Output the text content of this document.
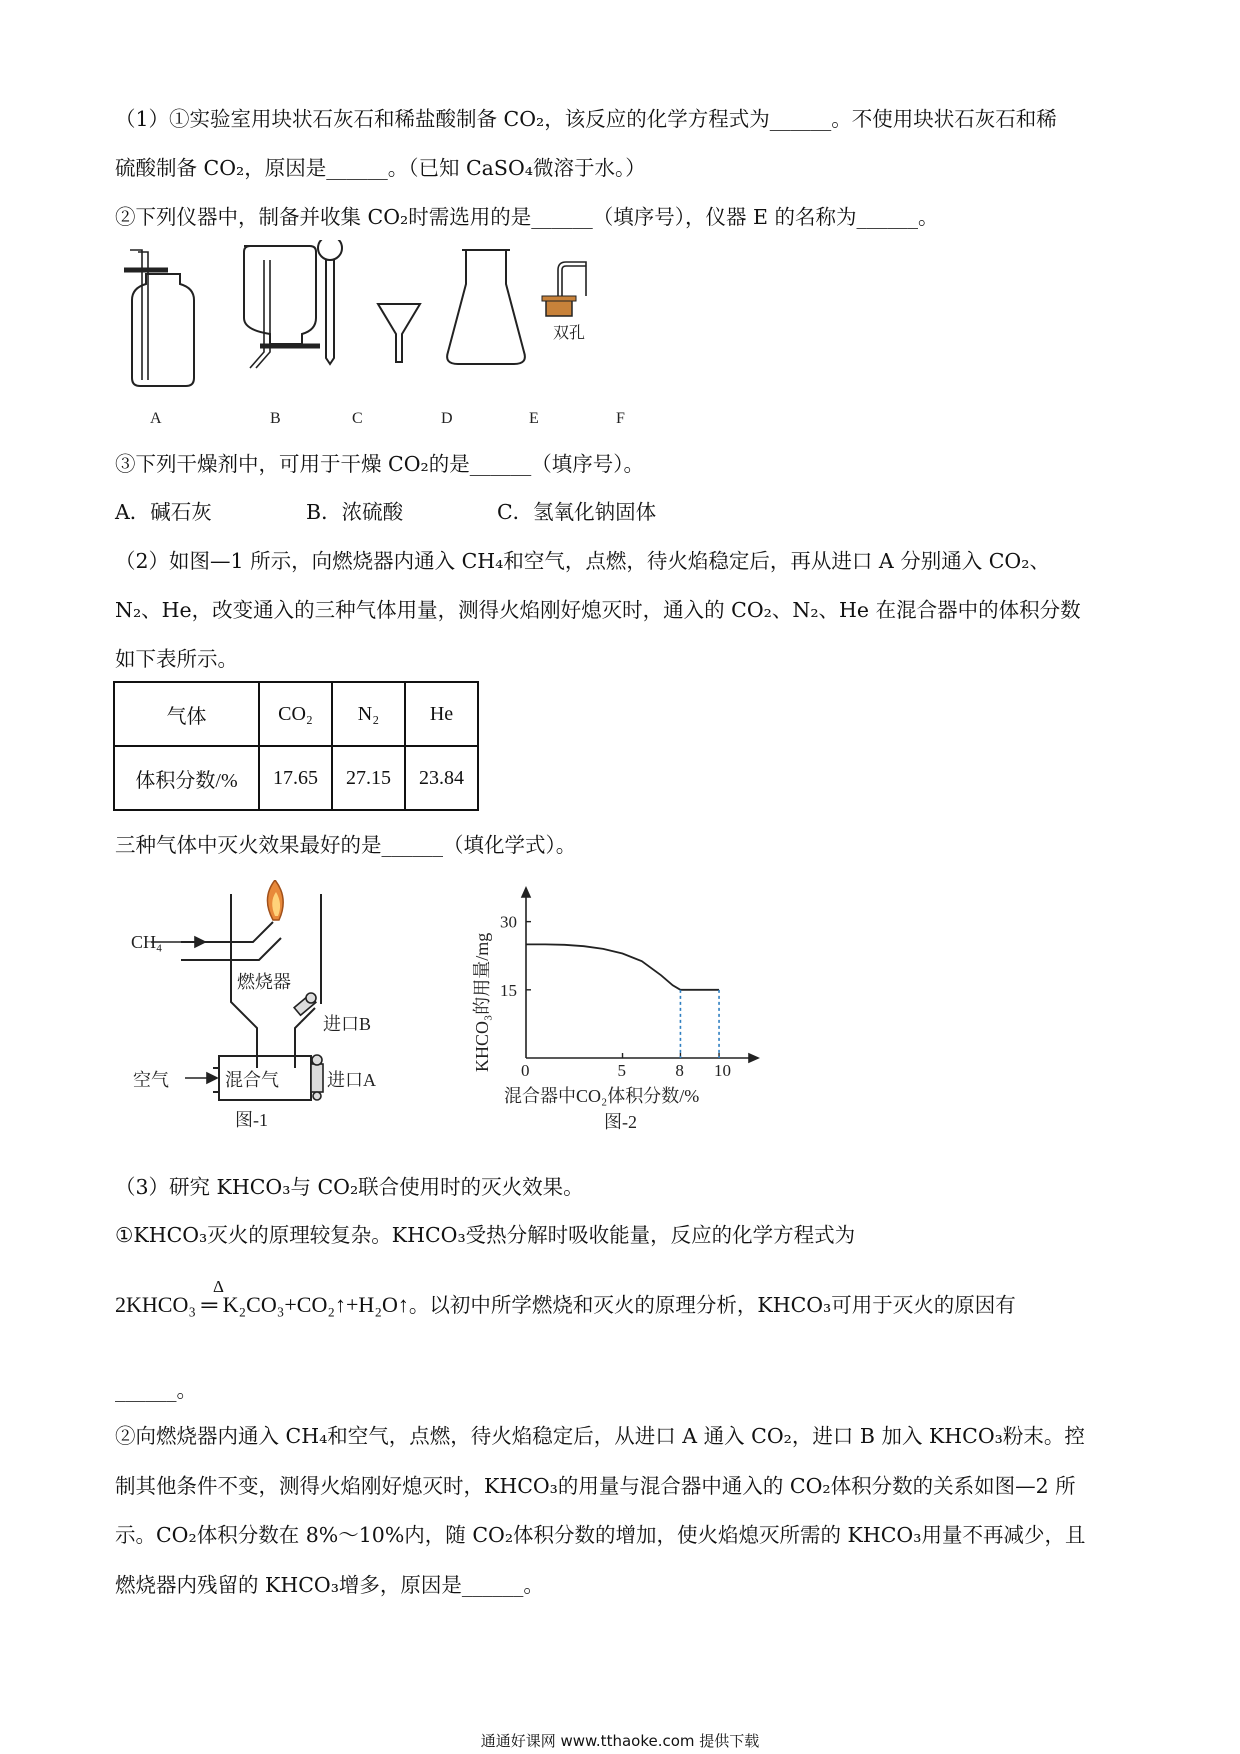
（1）①实验室用块状石灰石和稀盐酸制备 CO₂，该反应的化学方程式为______。不使用块状石灰石和稀
硫酸制备 CO₂，原因是______。（已知 CaSO₄微溶于水。）
②下列仪器中，制备并收集 CO₂时需选用的是______（填序号），仪器 E 的名称为______。
双孔
A	B	C	D	E	F
③下列干燥剂中，可用于干燥 CO₂的是______（填序号）。
A．碱石灰	B．浓硫酸	C．氢氧化钠固体
（2）如图—1 所示，向燃烧器内通入 CH₄和空气，点燃，待火焰稳定后，再从进口 A 分别通入 CO₂、
N₂、He，改变通入的三种气体用量，测得火焰刚好熄灭时，通入的 CO₂、N₂、He 在混合器中的体积分数
如下表所示。
气体	CO₂	N₂	He
体积分数/%	17.65	27.15	23.84
三种气体中灭火效果最好的是______（填化学式）。
CH₄
燃烧器
进口B
空气	混合气	进口A
图-1
0	5	8 10
15
30
混合器中CO₂体积分数/%
KHCO₃的用量/mg
图-2
（3）研究 KHCO₃与 CO₂联合使用时的灭火效果。
①KHCO₃灭火的原理较复杂。KHCO₃受热分解时吸收能量，反应的化学方程式为
Δ
2KHCO₃ ═ K₂CO₃+CO₂↑+H₂O↑。以初中所学燃烧和灭火的原理分析，KHCO₃可用于灭火的原因有
______。
②向燃烧器内通入 CH₄和空气，点燃，待火焰稳定后，从进口 A 通入 CO₂，进口 B 加入 KHCO₃粉末。控
制其他条件不变，测得火焰刚好熄灭时，KHCO₃的用量与混合器中通入的 CO₂体积分数的关系如图—2 所
示。CO₂体积分数在 8%～10%内，随 CO₂体积分数的增加，使火焰熄灭所需的 KHCO₃用量不再减少，且
燃烧器内残留的 KHCO₃增多，原因是______。
通通好课网 www.tthaoke.com 提供下载
